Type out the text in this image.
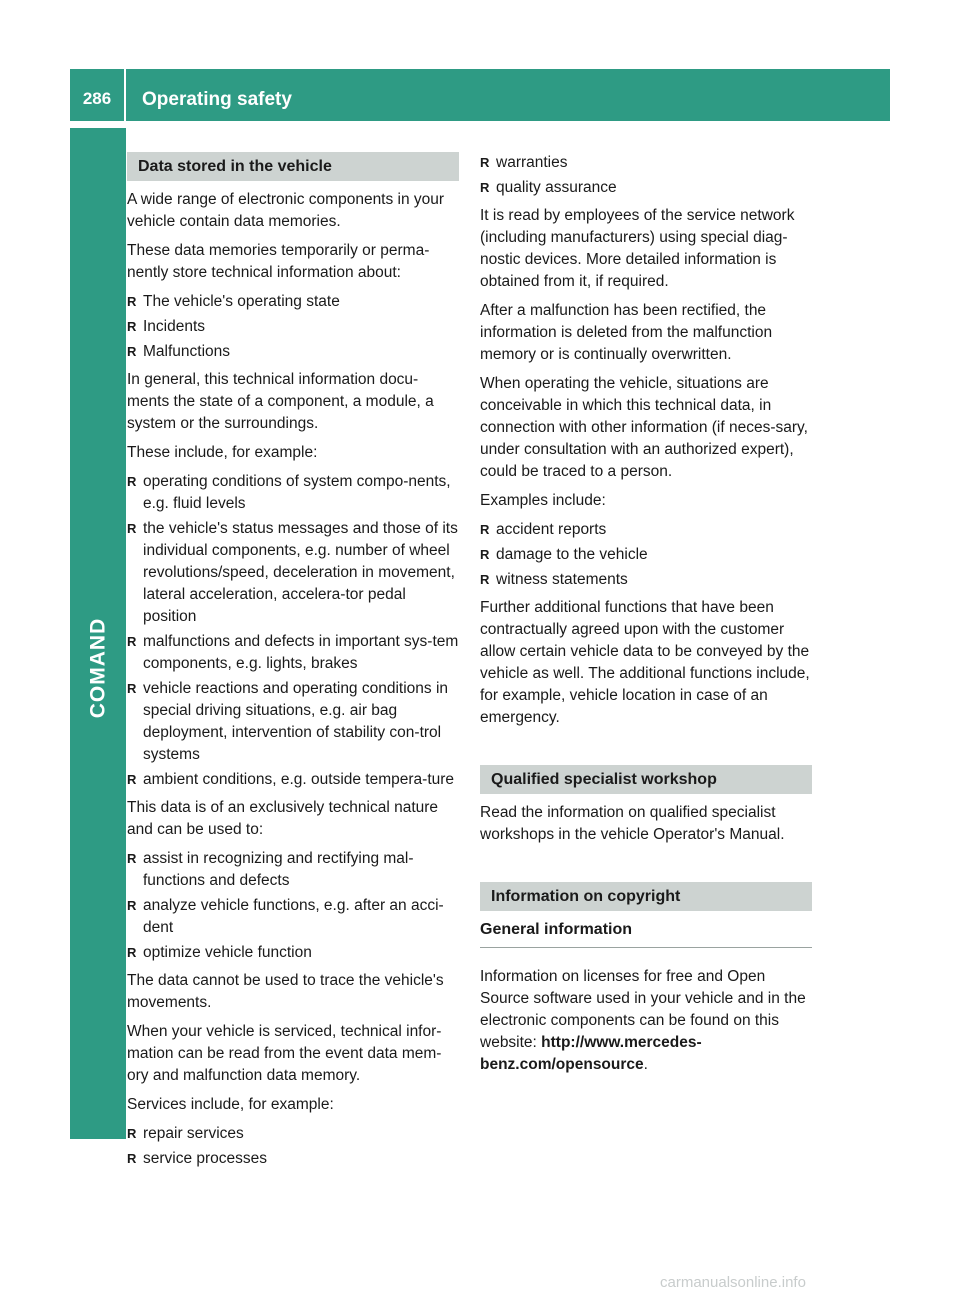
286	Operating safety
COMAND
Data stored in the vehicle

A wide range of electronic components in your vehicle contain data memories.

These data memories temporarily or perma-nently store technical information about:

R The vehicle's operating state
R Incidents
R Malfunctions

In general, this technical information docu-ments the state of a component, a module, a system or the surroundings.

These include, for example:

R operating conditions of system compo-nents, e.g. fluid levels
R the vehicle's status messages and those of its individual components, e.g. number of wheel revolutions/speed, deceleration in movement, lateral acceleration, accelera-tor pedal position
R malfunctions and defects in important sys-tem components, e.g. lights, brakes
R vehicle reactions and operating conditions in special driving situations, e.g. air bag deployment, intervention of stability con-trol systems
R ambient conditions, e.g. outside tempera-ture

This data is of an exclusively technical nature and can be used to:

R assist in recognizing and rectifying mal-functions and defects
R analyze vehicle functions, e.g. after an acci-dent
R optimize vehicle function

The data cannot be used to trace the vehicle's movements.

When your vehicle is serviced, technical infor-mation can be read from the event data mem-ory and malfunction data memory.

Services include, for example:

R repair services
R service processes
R warranties
R quality assurance

It is read by employees of the service network (including manufacturers) using special diag-nostic devices. More detailed information is obtained from it, if required.

After a malfunction has been rectified, the information is deleted from the malfunction memory or is continually overwritten.

When operating the vehicle, situations are conceivable in which this technical data, in connection with other information (if neces-sary, under consultation with an authorized expert), could be traced to a person.

Examples include:

R accident reports
R damage to the vehicle
R witness statements

Further additional functions that have been contractually agreed upon with the customer allow certain vehicle data to be conveyed by the vehicle as well. The additional functions include, for example, vehicle location in case of an emergency.

Qualified specialist workshop

Read the information on qualified specialist workshops in the vehicle Operator's Manual.

Information on copyright
General information

Information on licenses for free and Open Source software used in your vehicle and in the electronic components can be found on this website: http://www.mercedes-benz.com/opensource.

carmanualsonline.info
